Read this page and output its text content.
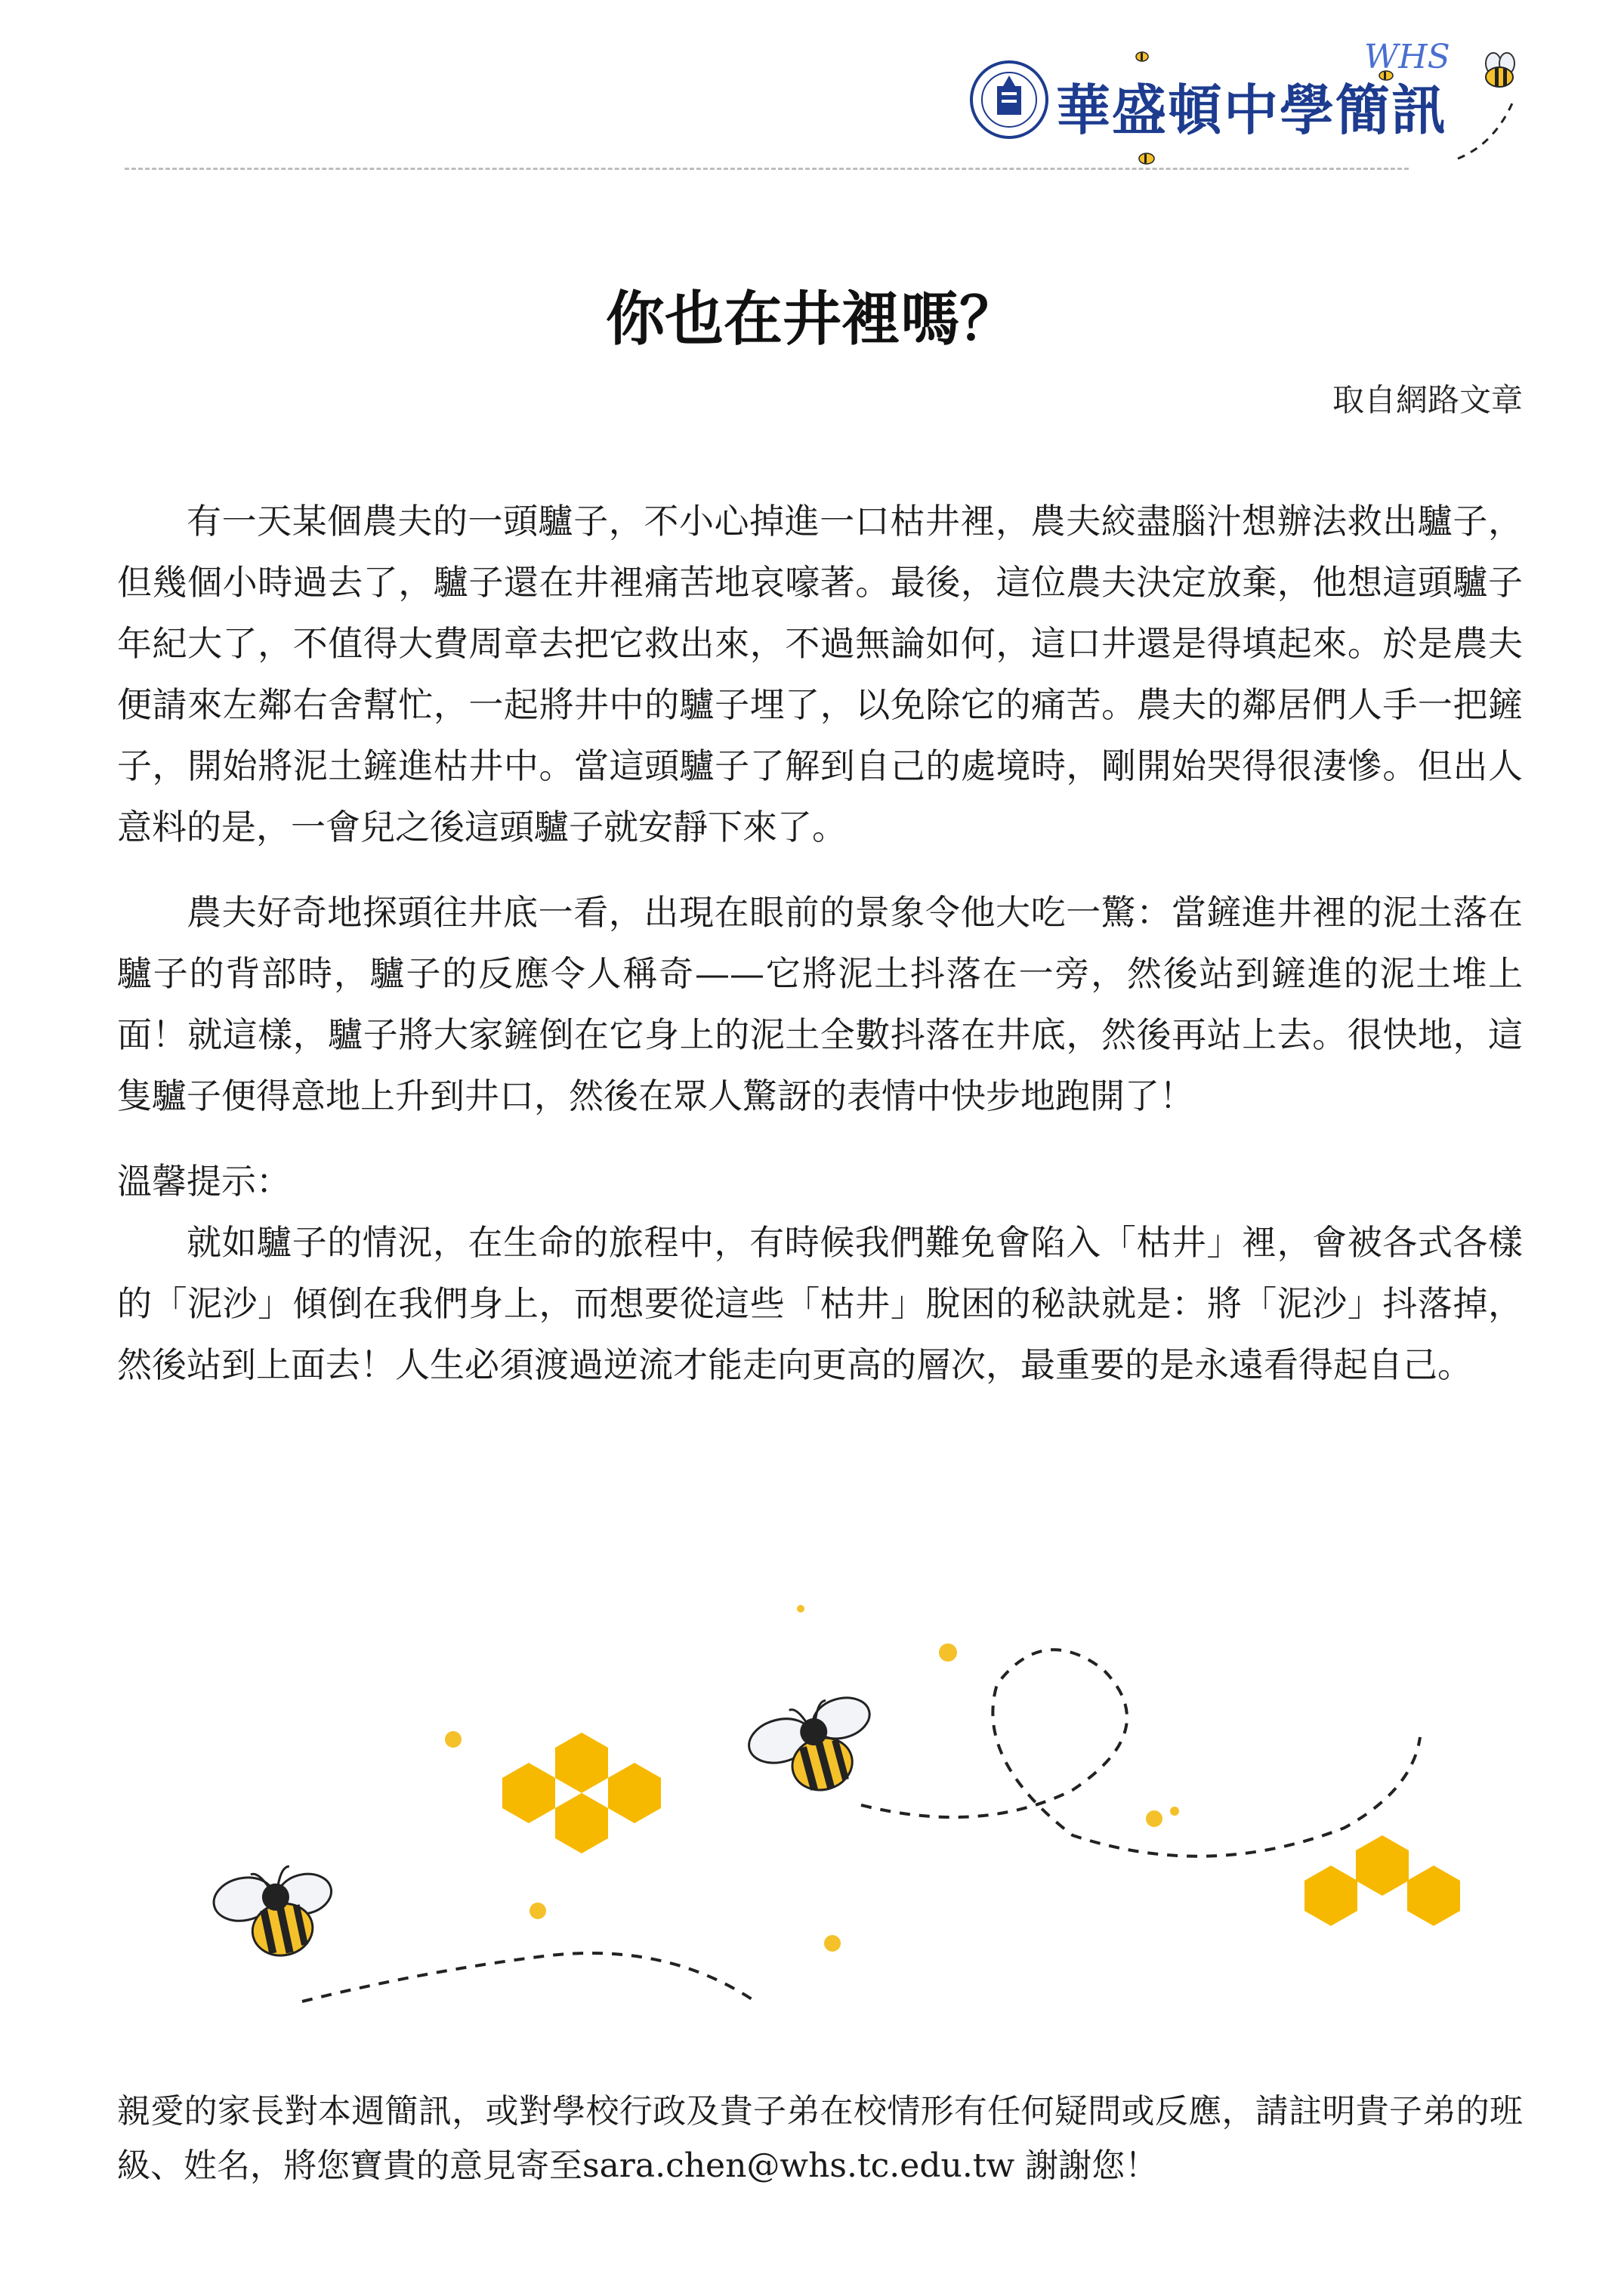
華盛頓中學簡訊
WHS
你也在井裡嗎？
取自網路文章

有一天某個農夫的一頭驢子，不小心掉進一口枯井裡，農夫絞盡腦汁想辦法救出驢子，但幾個小時過去了，驢子還在井裡痛苦地哀嚎著。最後，這位農夫決定放棄，他想這頭驢子年紀大了，不值得大費周章去把它救出來，不過無論如何，這口井還是得填起來。於是農夫便請來左鄰右舍幫忙，一起將井中的驢子埋了，以免除它的痛苦。農夫的鄰居們人手一把鏟子，開始將泥土鏟進枯井中。當這頭驢子了解到自己的處境時，剛開始哭得很淒慘。但出人意料的是，一會兒之後這頭驢子就安靜下來了。

農夫好奇地探頭往井底一看，出現在眼前的景象令他大吃一驚：當鏟進井裡的泥土落在驢子的背部時，驢子的反應令人稱奇——它將泥土抖落在一旁，然後站到鏟進的泥土堆上面！就這樣，驢子將大家鏟倒在它身上的泥土全數抖落在井底，然後再站上去。很快地，這隻驢子便得意地上升到井口，然後在眾人驚訝的表情中快步地跑開了！

溫馨提示：

就如驢子的情況，在生命的旅程中，有時候我們難免會陷入「枯井」裡，會被各式各樣的「泥沙」傾倒在我們身上，而想要從這些「枯井」脫困的秘訣就是：將「泥沙」抖落掉，然後站到上面去！人生必須渡過逆流才能走向更高的層次，最重要的是永遠看得起自己。

親愛的家長對本週簡訊，或對學校行政及貴子弟在校情形有任何疑問或反應，請註明貴子弟的班級、姓名，將您寶貴的意見寄至sara.chen@whs.tc.edu.tw 謝謝您！
